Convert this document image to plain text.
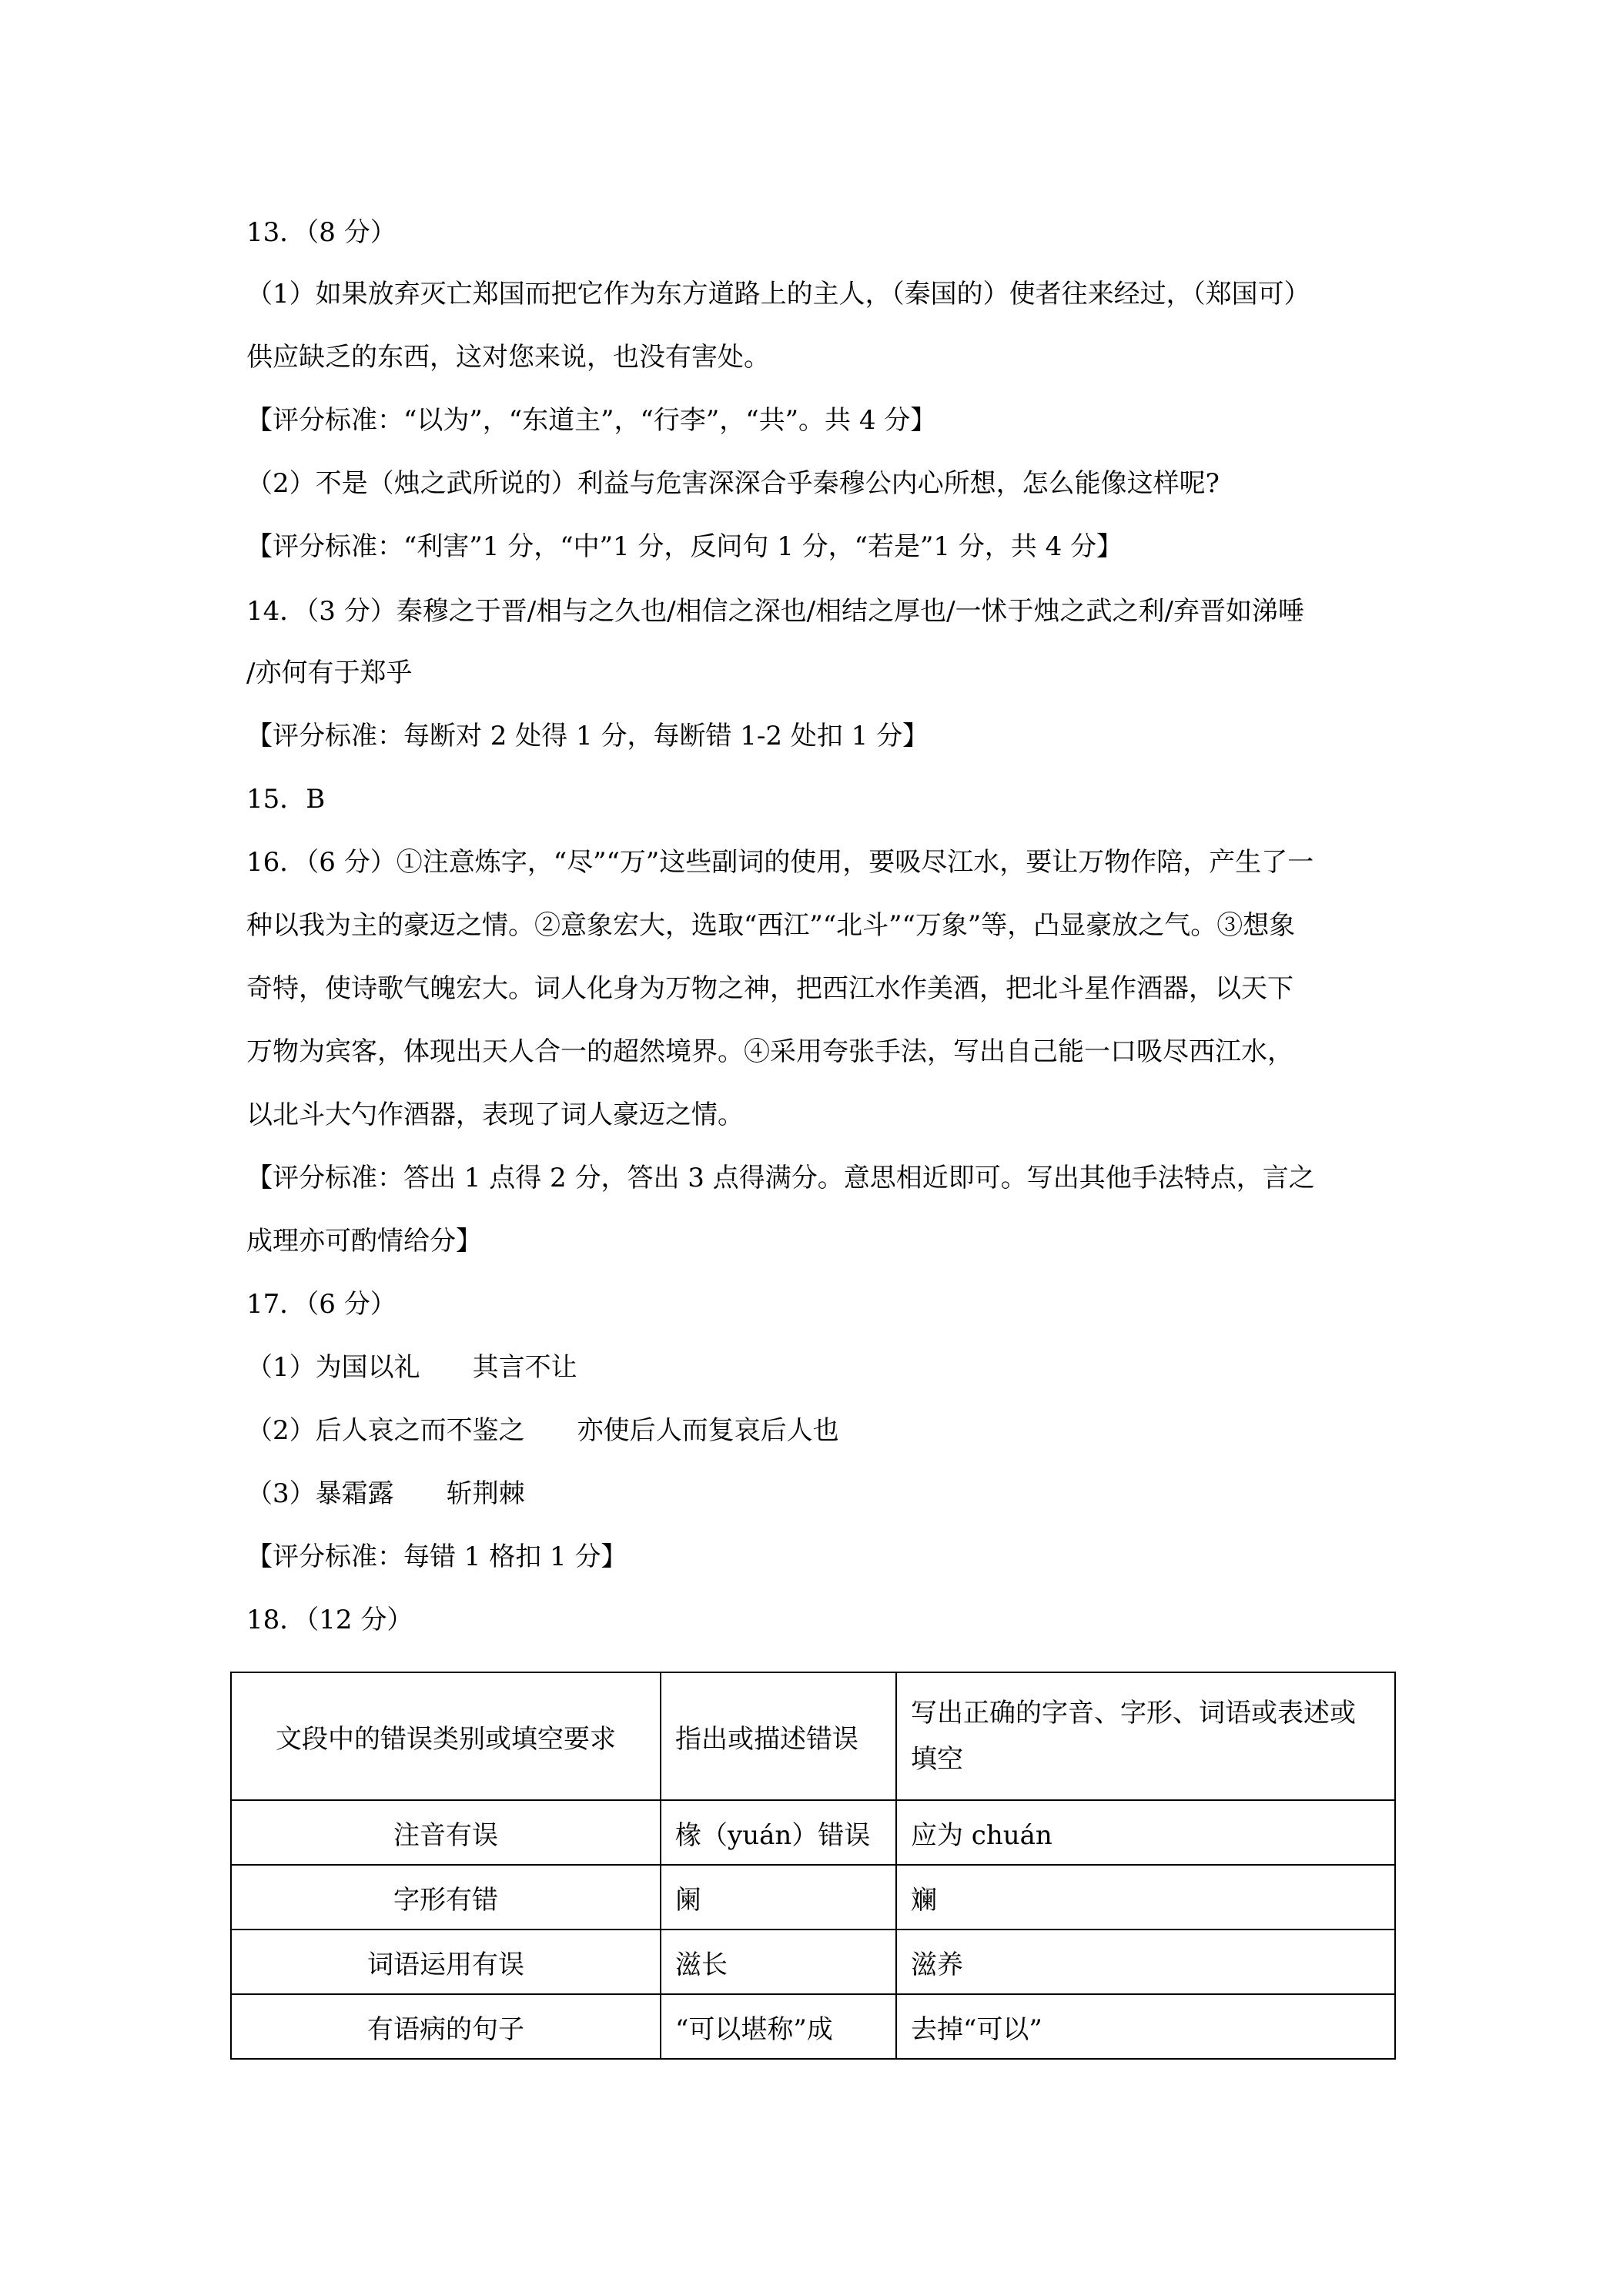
13．（8 分）
（1）如果放弃灭亡郑国而把它作为东方道路上的主人，（秦国的）使者往来经过，（郑国可）
供应缺乏的东西，这对您来说，也没有害处。
【评分标准：“以为”，“东道主”，“行李”，“共”。共 4 分】
（2）不是（烛之武所说的）利益与危害深深合乎秦穆公内心所想，怎么能像这样呢?
【评分标准：“利害”1 分，“中”1 分，反问句 1 分，“若是”1 分，共 4 分】
14．（3 分）秦穆之于晋/相与之久也/相信之深也/相结之厚也/一怵于烛之武之利/弃晋如涕唾
/亦何有于郑乎
【评分标准：每断对 2 处得 1 分，每断错 1-2 处扣 1 分】
15．B
16．（6 分）①注意炼字，“尽”“万”这些副词的使用，要吸尽江水，要让万物作陪，产生了一
种以我为主的豪迈之情。②意象宏大，选取“西江”“北斗”“万象”等，凸显豪放之气。③想象
奇特，使诗歌气魄宏大。词人化身为万物之神，把西江水作美酒，把北斗星作酒器，以天下
万物为宾客，体现出天人合一的超然境界。④采用夸张手法，写出自己能一口吸尽西江水，
以北斗大勺作酒器，表现了词人豪迈之情。
【评分标准：答出 1 点得 2 分，答出 3 点得满分。意思相近即可。写出其他手法特点，言之
成理亦可酌情给分】
17．（6 分）
（1）为国以礼　　其言不让
（2）后人哀之而不鉴之　　亦使后人而复哀后人也
（3）暴霜露　　斩荆棘
【评分标准：每错 1 格扣 1 分】
18．（12 分）
文段中的错误类别或填空要求	指出或描述错误	写出正确的字音、字形、词语或表述或填空
注音有误	椽（yuán）错误	应为 chuán
字形有错	阑	斓
词语运用有误	滋长	滋养
有语病的句子	“可以堪称”成	去掉“可以”
